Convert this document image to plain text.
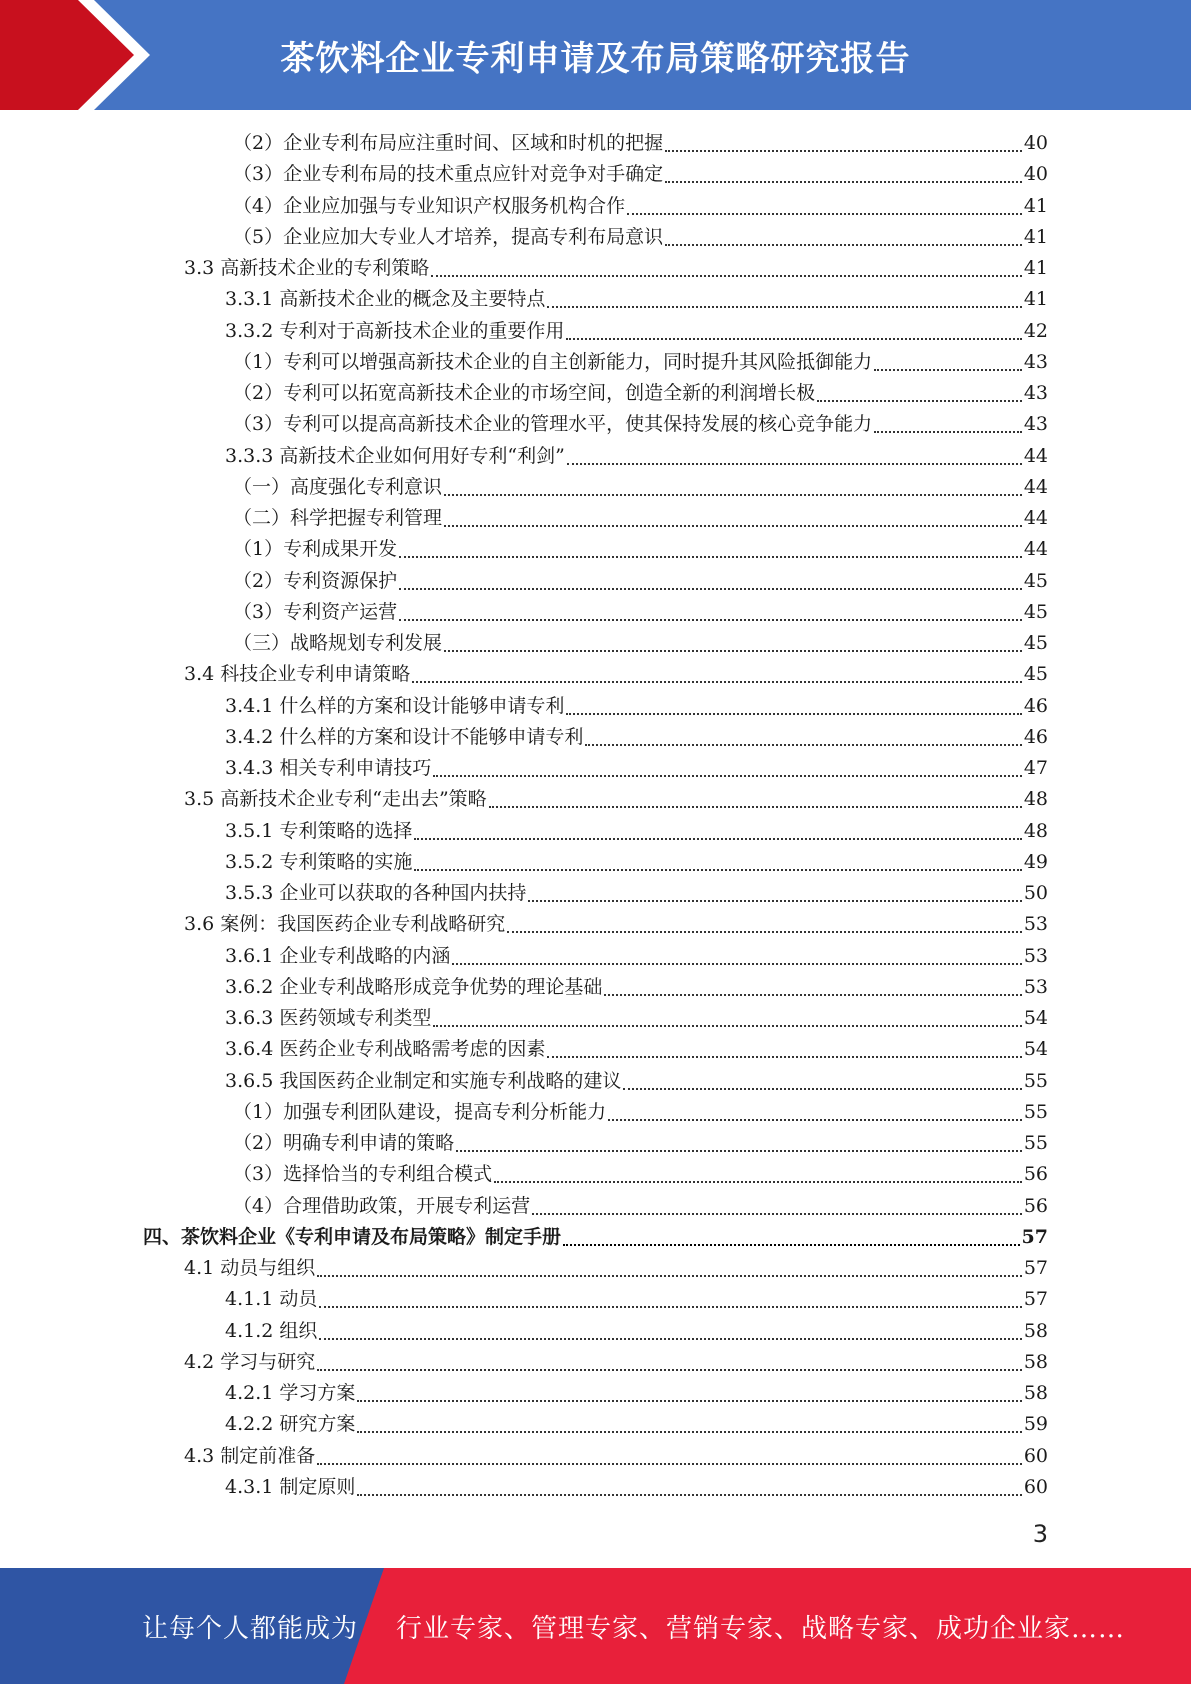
茶饮料企业专利申请及布局策略研究报告
（2）企业专利布局应注重时间、区域和时机的把握	40
（3）企业专利布局的技术重点应针对竞争对手确定	40
（4）企业应加强与专业知识产权服务机构合作	41
（5）企业应加大专业人才培养，提高专利布局意识	41
3.3 高新技术企业的专利策略	41
3.3.1 高新技术企业的概念及主要特点	41
3.3.2 专利对于高新技术企业的重要作用	42
（1）专利可以增强高新技术企业的自主创新能力，同时提升其风险抵御能力	43
（2）专利可以拓宽高新技术企业的市场空间，创造全新的利润增长极	43
（3）专利可以提高高新技术企业的管理水平，使其保持发展的核心竞争能力	43
3.3.3 高新技术企业如何用好专利“利剑”	44
（一）高度强化专利意识	44
（二）科学把握专利管理	44
（1）专利成果开发	44
（2）专利资源保护	45
（3）专利资产运营	45
（三）战略规划专利发展	45
3.4 科技企业专利申请策略	45
3.4.1 什么样的方案和设计能够申请专利	46
3.4.2 什么样的方案和设计不能够申请专利	46
3.4.3 相关专利申请技巧	47
3.5 高新技术企业专利“走出去”策略	48
3.5.1 专利策略的选择	48
3.5.2 专利策略的实施	49
3.5.3 企业可以获取的各种国内扶持	50
3.6 案例：我国医药企业专利战略研究	53
3.6.1 企业专利战略的内涵	53
3.6.2 企业专利战略形成竞争优势的理论基础	53
3.6.3 医药领域专利类型	54
3.6.4 医药企业专利战略需考虑的因素	54
3.6.5 我国医药企业制定和实施专利战略的建议	55
（1）加强专利团队建设，提高专利分析能力	55
（2）明确专利申请的策略	55
（3）选择恰当的专利组合模式	56
（4）合理借助政策，开展专利运营	56
四、茶饮料企业《专利申请及布局策略》制定手册	57
4.1 动员与组织	57
4.1.1 动员	57
4.1.2 组织	58
4.2 学习与研究	58
4.2.1 学习方案	58
4.2.2 研究方案	59
4.3 制定前准备	60
4.3.1 制定原则	60
3
让每个人都能成为 行业专家、管理专家、营销专家、战略专家、成功企业家……
